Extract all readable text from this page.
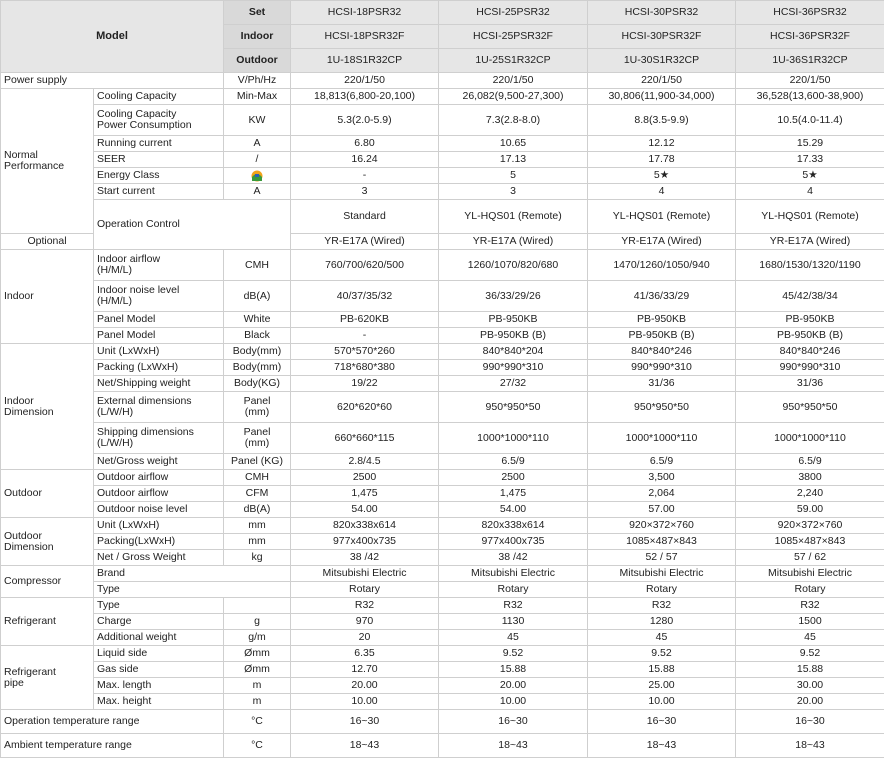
Model		Set	HCSI-18PSR32	HCSI-25PSR32	HCSI-30PSR32	HCSI-36PSR32	
		Indoor	HCSI-18PSR32F	HCSI-25PSR32F	HCSI-30PSR32F	HCSI-36PSR32F	
		Outdoor	1U-18S1R32CP	1U-25S1R32CP	1U-30S1R32CP	1U-36S1R32CP	
Power supply		V/Ph/Hz	220/1/50	220/1/50	220/1/50	220/1/50	
Normal
Performance	Cooling Capacity	Min-Max	18,813(6,800-20,100)	26,082(9,500-27,300)	30,806(11,900-34,000)	36,528(13,600-38,900)	
	Cooling Capacity
Power Consumption	KW	5.3(2.0-5.9)	7.3(2.8-8.0)	8.8(3.5-9.9)	10.5(4.0-11.4)	
	Running current	A	6.80	10.65	12.12	15.29	
	SEER	/	16.24	17.13	17.78	17.33	
	Energy Class		-	5	5★	5★	
	Start current	A	3	3	4	4	
	Operation Control		Standard	YL-HQS01 (Remote)	YL-HQS01 (Remote)	YL-HQS01 (Remote)	
Optional			YR-E17A (Wired)	YR-E17A (Wired)	YR-E17A (Wired)	YR-E17A (Wired)	
Indoor	Indoor airflow
(H/M/L)	CMH	760/700/620/500	1260/1070/820/680	1470/1260/1050/940	1680/1530/1320/1190	
	Indoor noise level
(H/M/L)	dB(A)	40/37/35/32	36/33/29/26	41/36/33/29	45/42/38/34	
	Panel Model	White	PB-620KB	PB-950KB	PB-950KB	PB-950KB	
	Panel Model	Black	-	PB-950KB (B)	PB-950KB (B)	PB-950KB (B)	
Indoor
Dimension	Unit (LxWxH)	Body(mm)	570*570*260	840*840*204	840*840*246	840*840*246	
	Packing (LxWxH)	Body(mm)	718*680*380	990*990*310	990*990*310	990*990*310	
	Net/Shipping weight	Body(KG)	19/22	27/32	31/36	31/36	
	External dimensions
(L/W/H)	Panel
(mm)	620*620*60	950*950*50	950*950*50	950*950*50	
	Shipping dimensions
(L/W/H)	Panel
(mm)	660*660*115	1000*1000*110	1000*1000*110	1000*1000*110	
	Net/Gross weight	Panel (KG)	2.8/4.5	6.5/9	6.5/9	6.5/9	
Outdoor	Outdoor airflow	CMH	2500	2500	3,500	3800	
	Outdoor airflow	CFM	1,475	1,475	2,064	2,240	
	Outdoor noise level	dB(A)	54.00	54.00	57.00	59.00	
Outdoor
Dimension	Unit (LxWxH)	mm	820x338x614	820x338x614	920×372×760	920×372×760	
	Packing(LxWxH)	mm	977x400x735	977x400x735	1085×487×843	1085×487×843	
	Net / Gross Weight	kg	38 /42	38 /42	52 / 57	57 / 62	
Compressor	Brand		Mitsubishi Electric	Mitsubishi Electric	Mitsubishi Electric	Mitsubishi Electric	
	Type		Rotary	Rotary	Rotary	Rotary	
Refrigerant	Type		R32	R32	R32	R32	
	Charge	g	970	1130	1280	1500	
	Additional weight	g/m	20	45	45	45	
Refrigerant
pipe	Liquid side	Ømm	6.35	9.52	9.52	9.52	
	Gas side	Ømm	12.70	15.88	15.88	15.88	
	Max. length	m	20.00	20.00	25.00	30.00	
	Max. height	m	10.00	10.00	10.00	20.00	
Operation temperature range		°C	16~30	16~30	16~30	16~30	
Ambient temperature range		°C	18~43	18~43	18~43	18~43	
